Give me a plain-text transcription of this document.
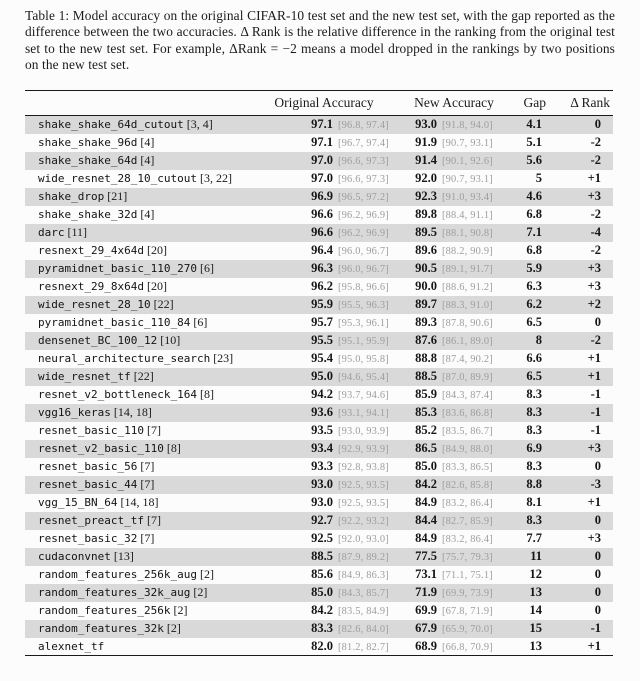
Table 1: Model accuracy on the original CIFAR-10 test set and the new test set, with the gap reported as the difference between the two accuracies. Δ Rank is the relative difference in the ranking from the original test set to the new test set. For example, ΔRank = −2 means a model dropped in the rankings by two positions on the new test set.

	Original Accuracy	New Accuracy	Gap	Δ Rank
shake_shake_64d_cutout [3, 4]	97.1 [96.8, 97.4]	93.0 [91.8, 94.0]	4.1	0
shake_shake_96d [4]	97.1 [96.7, 97.4]	91.9 [90.7, 93.1]	5.1	-2
shake_shake_64d [4]	97.0 [96.6, 97.3]	91.4 [90.1, 92.6]	5.6	-2
wide_resnet_28_10_cutout [3, 22]	97.0 [96.6, 97.3]	92.0 [90.7, 93.1]	5	+1
shake_drop [21]	96.9 [96.5, 97.2]	92.3 [91.0, 93.4]	4.6	+3
shake_shake_32d [4]	96.6 [96.2, 96.9]	89.8 [88.4, 91.1]	6.8	-2
darc [11]	96.6 [96.2, 96.9]	89.5 [88.1, 90.8]	7.1	-4
resnext_29_4x64d [20]	96.4 [96.0, 96.7]	89.6 [88.2, 90.9]	6.8	-2
pyramidnet_basic_110_270 [6]	96.3 [96.0, 96.7]	90.5 [89.1, 91.7]	5.9	+3
resnext_29_8x64d [20]	96.2 [95.8, 96.6]	90.0 [88.6, 91.2]	6.3	+3
wide_resnet_28_10 [22]	95.9 [95.5, 96.3]	89.7 [88.3, 91.0]	6.2	+2
pyramidnet_basic_110_84 [6]	95.7 [95.3, 96.1]	89.3 [87.8, 90.6]	6.5	0
densenet_BC_100_12 [10]	95.5 [95.1, 95.9]	87.6 [86.1, 89.0]	8	-2
neural_architecture_search [23]	95.4 [95.0, 95.8]	88.8 [87.4, 90.2]	6.6	+1
wide_resnet_tf [22]	95.0 [94.6, 95.4]	88.5 [87.0, 89.9]	6.5	+1
resnet_v2_bottleneck_164 [8]	94.2 [93.7, 94.6]	85.9 [84.3, 87.4]	8.3	-1
vgg16_keras [14, 18]	93.6 [93.1, 94.1]	85.3 [83.6, 86.8]	8.3	-1
resnet_basic_110 [7]	93.5 [93.0, 93.9]	85.2 [83.5, 86.7]	8.3	-1
resnet_v2_basic_110 [8]	93.4 [92.9, 93.9]	86.5 [84.9, 88.0]	6.9	+3
resnet_basic_56 [7]	93.3 [92.8, 93.8]	85.0 [83.3, 86.5]	8.3	0
resnet_basic_44 [7]	93.0 [92.5, 93.5]	84.2 [82.6, 85.8]	8.8	-3
vgg_15_BN_64 [14, 18]	93.0 [92.5, 93.5]	84.9 [83.2, 86.4]	8.1	+1
resnet_preact_tf [7]	92.7 [92.2, 93.2]	84.4 [82.7, 85.9]	8.3	0
resnet_basic_32 [7]	92.5 [92.0, 93.0]	84.9 [83.2, 86.4]	7.7	+3
cudaconvnet [13]	88.5 [87.9, 89.2]	77.5 [75.7, 79.3]	11	0
random_features_256k_aug [2]	85.6 [84.9, 86.3]	73.1 [71.1, 75.1]	12	0
random_features_32k_aug [2]	85.0 [84.3, 85.7]	71.9 [69.9, 73.9]	13	0
random_features_256k [2]	84.2 [83.5, 84.9]	69.9 [67.8, 71.9]	14	0
random_features_32k [2]	83.3 [82.6, 84.0]	67.9 [65.9, 70.0]	15	-1
alexnet_tf	82.0 [81.2, 82.7]	68.9 [66.8, 70.9]	13	+1
